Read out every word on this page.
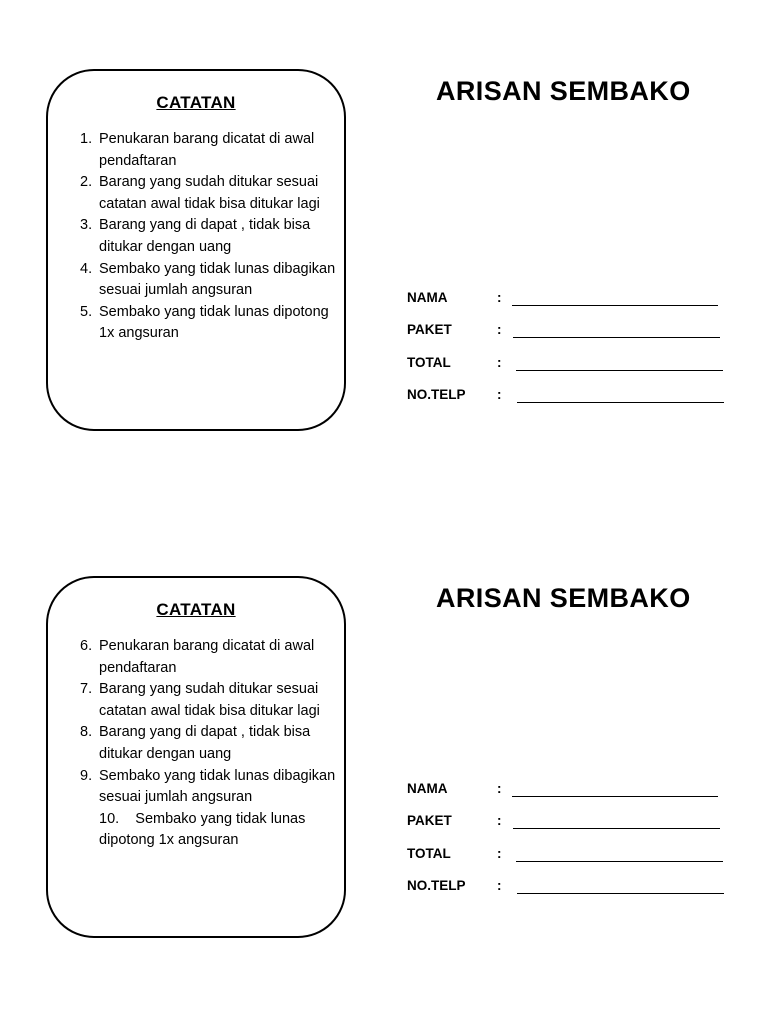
CATATAN
1. Penukaran barang dicatat di awal pendaftaran
2. Barang yang sudah ditukar sesuai catatan awal tidak bisa ditukar lagi
3. Barang yang di dapat , tidak bisa ditukar dengan uang
4. Sembako yang tidak lunas dibagikan sesuai jumlah angsuran
5. Sembako yang tidak lunas dipotong 1x angsuran
ARISAN SEMBAKO
NAMA	:
PAKET	:
TOTAL	:
NO.TELP :
CATATAN
6. Penukaran barang dicatat di awal pendaftaran
7. Barang yang sudah ditukar sesuai catatan awal tidak bisa ditukar lagi
8. Barang yang di dapat , tidak bisa ditukar dengan uang
9. Sembako yang tidak lunas dibagikan sesuai jumlah angsuran
10. Sembako yang tidak lunas dipotong 1x angsuran
ARISAN SEMBAKO
NAMA	:
PAKET	:
TOTAL	:
NO.TELP :
